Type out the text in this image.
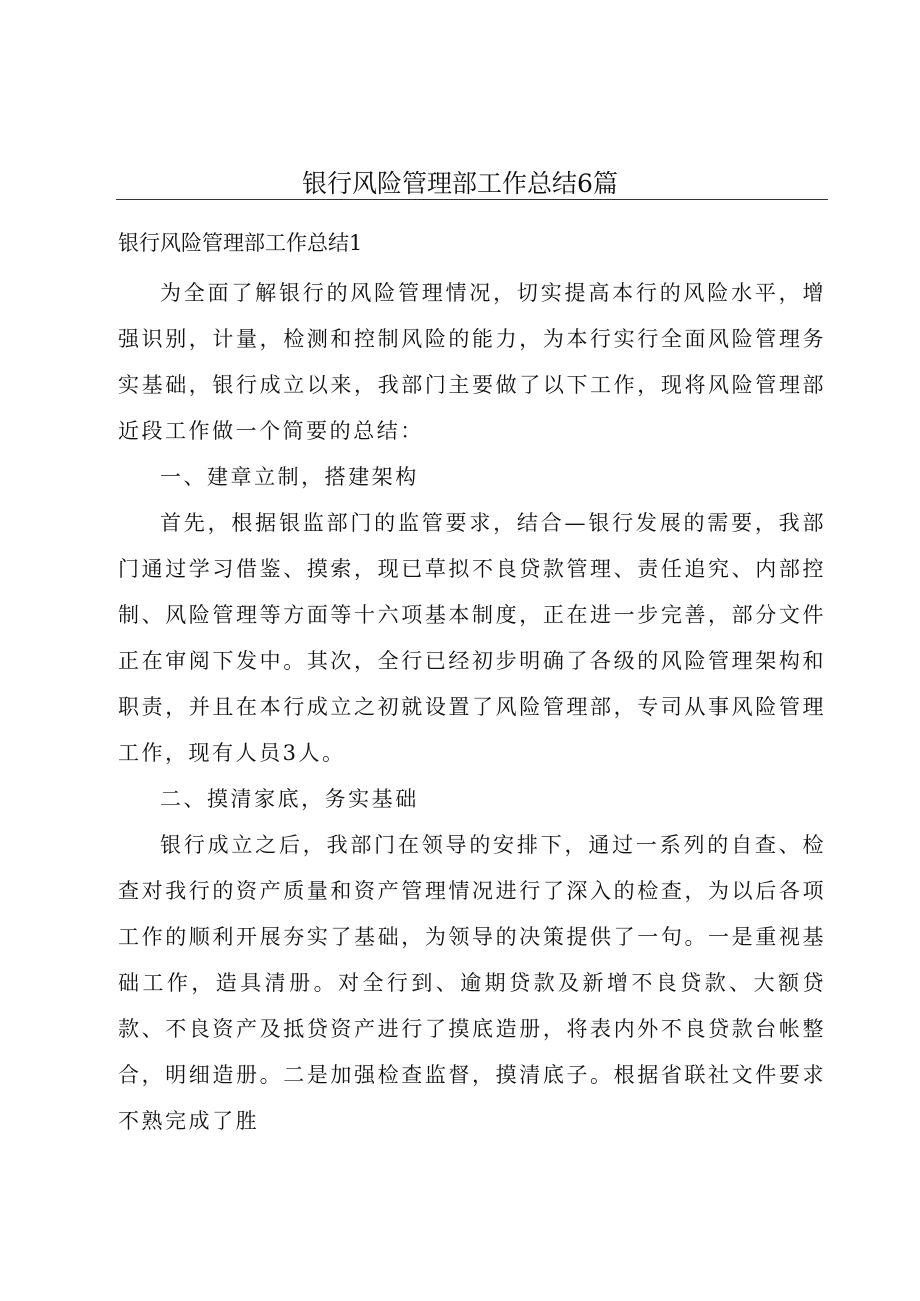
银行风险管理部工作总结6篇
银行风险管理部工作总结1

为全面了解银行的风险管理情况，切实提高本行的风险水平，增强识别，计量，检测和控制风险的能力，为本行实行全面风险管理务实基础，银行成立以来，我部门主要做了以下工作，现将风险管理部近段工作做一个简要的总结：

一、建章立制，搭建架构

首先，根据银监部门的监管要求，结合—银行发展的需要，我部门通过学习借鉴、摸索，现已草拟不良贷款管理、责任追究、内部控制、风险管理等方面等十六项基本制度，正在进一步完善，部分文件正在审阅下发中。其次，全行已经初步明确了各级的风险管理架构和职责，并且在本行成立之初就设置了风险管理部，专司从事风险管理工作，现有人员3人。

二、摸清家底，务实基础

银行成立之后，我部门在领导的安排下，通过一系列的自查、检查对我行的资产质量和资产管理情况进行了深入的检查，为以后各项工作的顺利开展夯实了基础，为领导的决策提供了一句。一是重视基础工作，造具清册。对全行到、逾期贷款及新增不良贷款、大额贷款、不良资产及抵贷资产进行了摸底造册，将表内外不良贷款台帐整合，明细造册。二是加强检查监督，摸清底子。根据省联社文件要求不熟完成了胜
